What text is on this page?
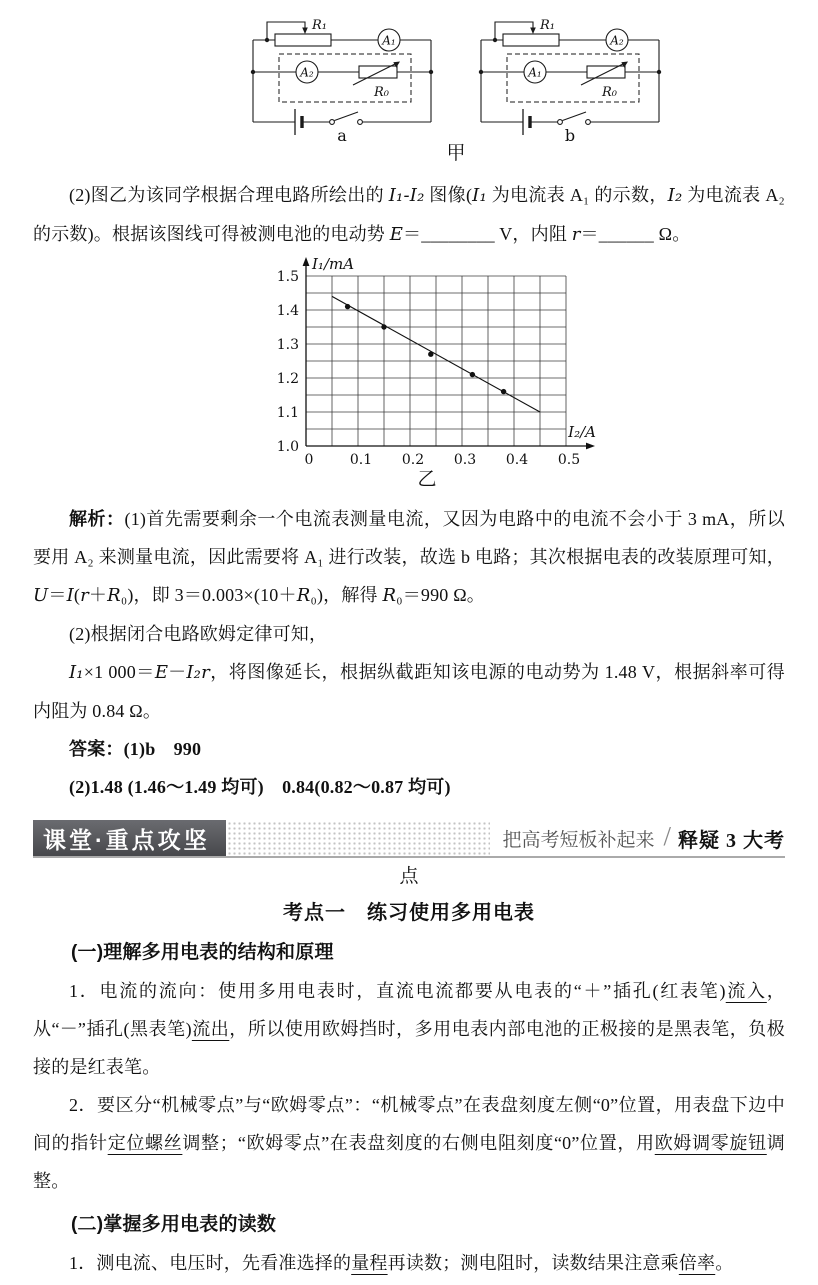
R₁
A₁
A₂
R₀
a
R₁
A₂
A₁
R₀
b
甲

(2)图乙为该同学根据合理电路所绘出的 I₁-I₂ 图像(I₁ 为电流表 A₁ 的示数，I₂ 为电流表 A₂ 的示数)。根据该图线可得被测电池的电动势 E＝________ V，内阻 r＝______ Ω。

1.0
1.1
1.2
1.3
1.4
1.5
0	0.1 0.2 0.3 0.4 0.5
I₁/mA
I₂/A
乙

解析：(1)首先需要剩余一个电流表测量电流，又因为电路中的电流不会小于 3 mA，所以要用 A₂ 来测量电流，因此需要将 A₁ 进行改装，故选 b 电路；其次根据电表的改装原理可知，U＝I(r＋R₀)，即 3＝0.003×(10＋R₀)，解得 R₀＝990 Ω。

(2)根据闭合电路欧姆定律可知，

I₁×1 000＝E－I₂r，将图像延长，根据纵截距知该电源的电动势为 1.48 V，根据斜率可得内阻为 0.84 Ω。

答案：(1)b　990

(2)1.48 (1.46～1.49 均可)　0.84(0.82～0.87 均可)

课堂·重点攻坚	把高考短板补起来 / 释疑 3 大考
点
考点一　练习使用多用电表

(一)理解多用电表的结构和原理

1．电流的流向：使用多用电表时，直流电流都要从电表的“＋”插孔(红表笔)流入，从“－”插孔(黑表笔)流出，所以使用欧姆挡时，多用电表内部电池的正极接的是黑表笔，负极接的是红表笔。

2．要区分“机械零点”与“欧姆零点”：“机械零点”在表盘刻度左侧“0”位置，用表盘下边中间的指针定位螺丝调整；“欧姆零点”在表盘刻度的右侧电阻刻度“0”位置，用欧姆调零旋钮调整。

(二)掌握多用电表的读数

1．测电流、电压时，先看准选择的量程再读数；测电阻时，读数结果注意乘倍率。
